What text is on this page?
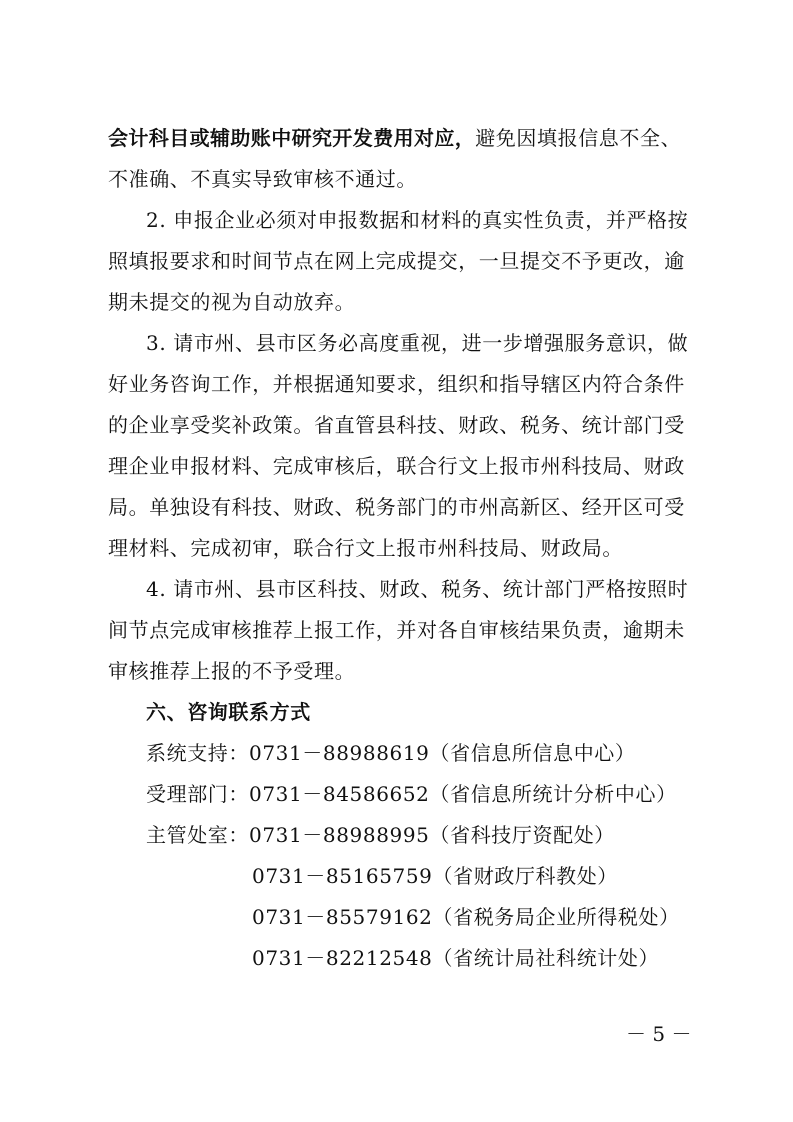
会计科目或辅助账中研究开发费用对应，避免因填报信息不全、
不准确、不真实导致审核不通过。
2. 申报企业必须对申报数据和材料的真实性负责，并严格按
照填报要求和时间节点在网上完成提交，一旦提交不予更改，逾
期未提交的视为自动放弃。
3. 请市州、县市区务必高度重视，进一步增强服务意识，做
好业务咨询工作，并根据通知要求，组织和指导辖区内符合条件
的企业享受奖补政策。省直管县科技、财政、税务、统计部门受
理企业申报材料、完成审核后，联合行文上报市州科技局、财政
局。单独设有科技、财政、税务部门的市州高新区、经开区可受
理材料、完成初审，联合行文上报市州科技局、财政局。
4. 请市州、县市区科技、财政、税务、统计部门严格按照时
间节点完成审核推荐上报工作，并对各自审核结果负责，逾期未
审核推荐上报的不予受理。
六、咨询联系方式
系统支持：0731－88988619（省信息所信息中心）
受理部门：0731－84586652（省信息所统计分析中心）
主管处室：0731－88988995（省科技厅资配处）
0731－85165759（省财政厅科教处）
0731－85579162（省税务局企业所得税处）
0731－82212548（省统计局社科统计处）
－ 5 －
